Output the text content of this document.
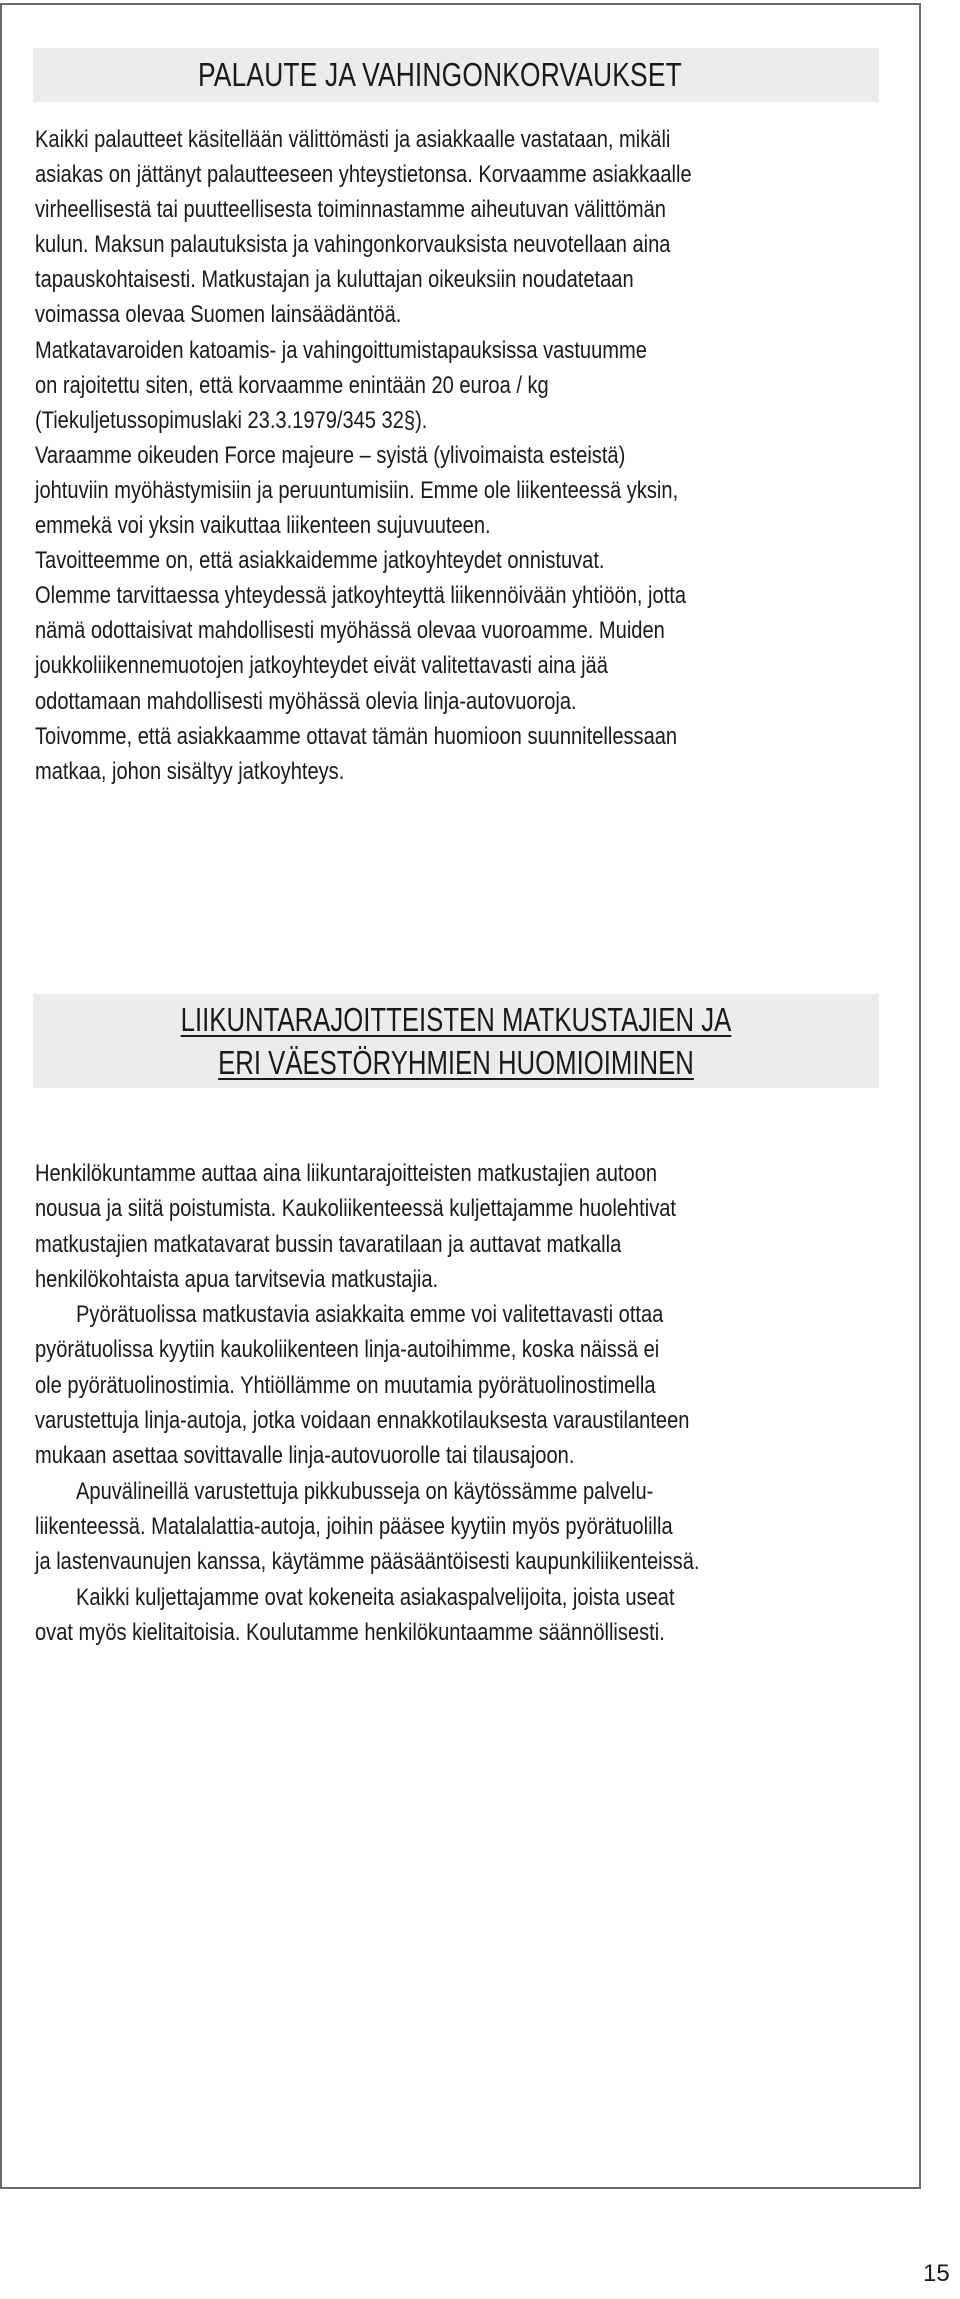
PALAUTE JA VAHINGONKORVAUKSET
Kaikki palautteet käsitellään välittömästi ja asiakkaalle vastataan, mikäli
asiakas on jättänyt palautteeseen yhteystietonsa. Korvaamme asiakkaalle
virheellisestä tai puutteellisesta toiminnastamme aiheutuvan välittömän
kulun. Maksun palautuksista ja vahingonkorvauksista neuvotellaan aina
tapauskohtaisesti. Matkustajan ja kuluttajan oikeuksiin noudatetaan
voimassa olevaa Suomen lainsäädäntöä.
Matkatavaroiden katoamis- ja vahingoittumistapauksissa vastuumme
on rajoitettu siten, että korvaamme enintään 20 euroa / kg
(Tiekuljetussopimuslaki 23.3.1979/345 32§).
Varaamme oikeuden Force majeure – syistä (ylivoimaista esteistä)
johtuviin myöhästymisiin ja peruuntumisiin. Emme ole liikenteessä yksin,
emmekä voi yksin vaikuttaa liikenteen sujuvuuteen.
Tavoitteemme on, että asiakkaidemme jatkoyhteydet onnistuvat.
Olemme tarvittaessa yhteydessä jatkoyhteyttä liikennöivään yhtiöön, jotta
nämä odottaisivat mahdollisesti myöhässä olevaa vuoroamme. Muiden
joukkoliikennemuotojen jatkoyhteydet eivät valitettavasti aina jää
odottamaan mahdollisesti myöhässä olevia linja-autovuoroja.
Toivomme, että asiakkaamme ottavat tämän huomioon suunnitellessaan
matkaa, johon sisältyy jatkoyhteys.
LIIKUNTARAJOITTEISTEN MATKUSTAJIEN JA
ERI VÄESTÖRYHMIEN HUOMIOIMINEN
Henkilökuntamme auttaa aina liikuntarajoitteisten matkustajien autoon
nousua ja siitä poistumista. Kaukoliikenteessä kuljettajamme huolehtivat
matkustajien matkatavarat bussin tavaratilaan ja auttavat matkalla
henkilökohtaista apua tarvitsevia matkustajia.
Pyörätuolissa matkustavia asiakkaita emme voi valitettavasti ottaa
pyörätuolissa kyytiin kaukoliikenteen linja-autoihimme, koska näissä ei
ole pyörätuolinostimia. Yhtiöllämme on muutamia pyörätuolinostimella
varustettuja linja-autoja, jotka voidaan ennakkotilauksesta varaustilanteen
mukaan asettaa sovittavalle linja-autovuorolle tai tilausajoon.
Apuvälineillä varustettuja pikkubusseja on käytössämme palvelu-
liikenteessä. Matalalattia-autoja, joihin pääsee kyytiin myös pyörätuolilla
ja lastenvaunujen kanssa, käytämme pääsääntöisesti kaupunkiliikenteissä.
Kaikki kuljettajamme ovat kokeneita asiakaspalvelijoita, joista useat
ovat myös kielitaitoisia. Koulutamme henkilökuntaamme säännöllisesti.
15
